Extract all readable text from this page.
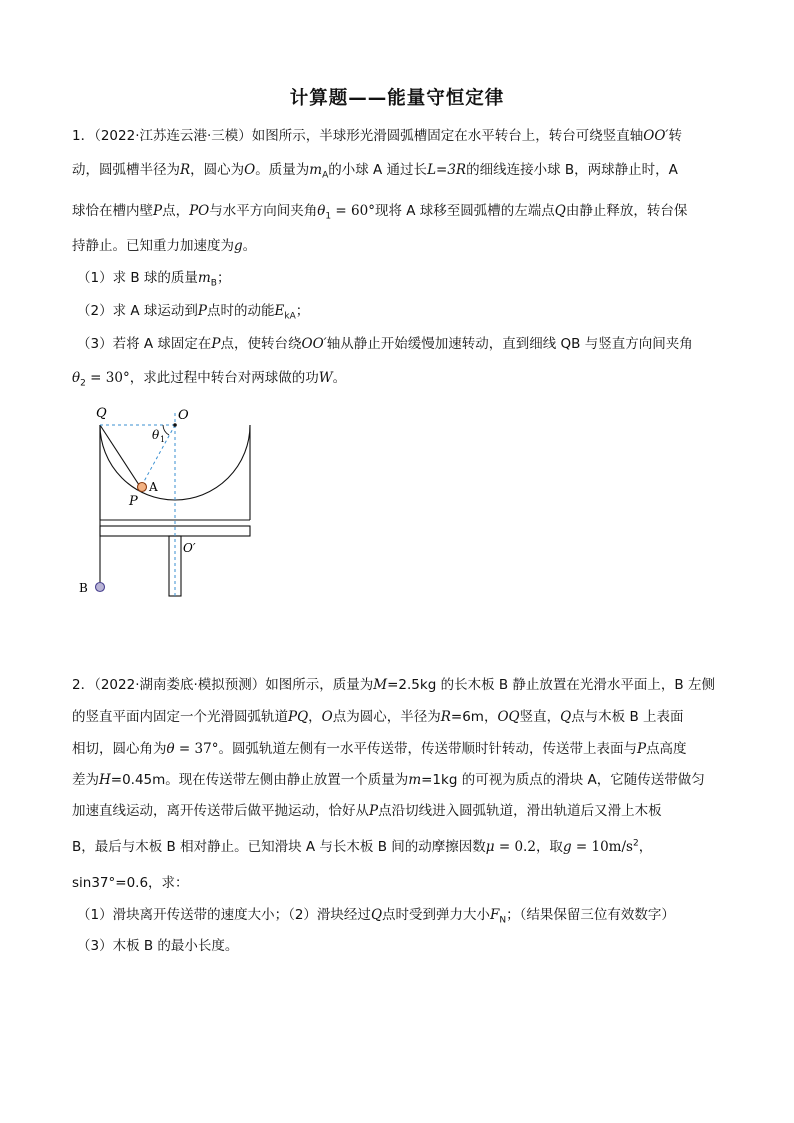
计算题——能量守恒定律
1．（2022·江苏连云港·三模）如图所示，半球形光滑圆弧槽固定在水平转台上，转台可绕竖直轴OO′转
动，圆弧槽半径为R，圆心为O。质量为$m_A$的小球 A 通过长L=3R的细线连接小球 B，两球静止时，A
球恰在槽内壁P点，PO与水平方向间夹角$\theta_1 = 60^\circ$现将 A 球移至圆弧槽的左端点Q由静止释放，转台保
持静止。已知重力加速度为g。
（1）求 B 球的质量$m_B$；
（2）求 A 球运动到P点时的动能$E_{kA}$；
（3）若将 A 球固定在P点，使转台绕OO′轴从静止开始缓慢加速转动，直到细线 QB 与竖直方向间夹角
$\theta_2 = 30^\circ$，求此过程中转台对两球做的功W。
Q	O
θ 1
A
P
O′
B
2．（2022·湖南娄底·模拟预测）如图所示，质量为M=2.5kg 的长木板 B 静止放置在光滑水平面上，B 左侧
的竖直平面内固定一个光滑圆弧轨道PQ，O点为圆心，半径为R=6m，OQ竖直，Q点与木板 B 上表面
相切，圆心角为θ = 37°。圆弧轨道左侧有一水平传送带，传送带顺时针转动，传送带上表面与P点高度
差为H=0.45m。现在传送带左侧由静止放置一个质量为m=1kg 的可视为质点的滑块 A，它随传送带做匀
加速直线运动，离开传送带后做平抛运动，恰好从P点沿切线进入圆弧轨道，滑出轨道后又滑上木板
B，最后与木板 B 相对静止。已知滑块 A 与长木板 B 间的动摩擦因数μ = 0.2，取$g = 10m/s^2$，
sin37°=0.6，求：
（1）滑块离开传送带的速度大小；（2）滑块经过Q点时受到弹力大小$F_N$；（结果保留三位有效数字）
（3）木板 B 的最小长度。
